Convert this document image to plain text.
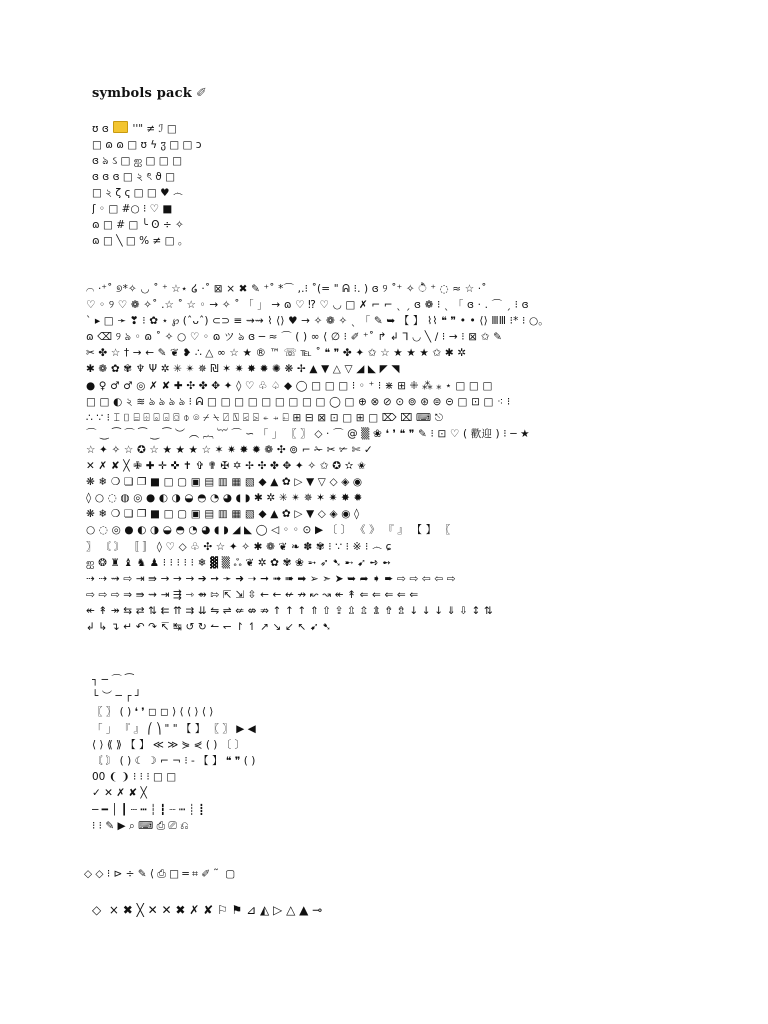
symbols pack ✐
ʊ ɞ  ''" ≠ ℐ □
□ ɷ ɷ □ ʊ ϟ ჳ □ □ ɔ
ɞ ঌ ઽ □ ஐ □ □ □
ɞ ɞ ɞ □ ২ ৎ ϑ □
□ ২ ζ ҁ □ □ ♥ ෴
ʃ ◦ □ #○ ⁝ ♡ ■
ɷ □ # □ ╰ ʘ ÷ ✧
ɷ □ ╲ □ % ≠ □ 。
⌒ ·⁺˚ ୭*✧ ◡ ˚ ⁺ ☆⋆ ໒ ·˚ ⊠ × ✖ ✎ ⁺˚ *⌒ ,.⁝ ˚(= " ᕱ ⁝. ) ɞ ୨ ˚⁺ ✧ ੈ ⁺ ◌ ≈ ☆ ·˚
♡ ◦ ୨ ♡ ❁ ✧˚ .☆ ˚ ☆ ◦ → ✧ ˚ 「 」 → ɷ ♡ ⁉ ♡ ◡ □ ✗ ⌐ ⌐ ˎ ˏ ɞ ❁ ⁝ ˎ 「 ɞ · . ⌒ ˏ ⁝ ɞ
ˋ ▸ □ ➛ ❣ ⁝ ✿ ⋆ ℘ (ˆᴗˆ) ⊂⊃ ≡ ⇝⇝ ⌇ ⟨⟩ ♥ → ✧ ❁ ✧ ˎ 「 ✎ ➥ 【 】 ⌇⌇ ❝ ❞ • • ⟨⟩ ⅢⅢ ⁝* ⁝ ○。
ɷ ⌫ ୨ ঌ ◦ ɷ ˚ ✧ ○ ♡ ◦ ɷ ツ ঌ ɞ ─ ≈ ⌒ ( ) ∞ ⟨ ∅ ⁝ ✐ ⁺˚ ↱ ↲ ⅂ ◡ ╲ ∕ ⁝ → ⁝ ⊠ ✩ ✎
✂ ✤ ☆ † → ← ✎ ❦ ❥ ∴ △ ∞ ☆ ★ ® ™ ☏ ℡ ˚ ❝ ❞ ✤ ✦ ✩ ☆ ★ ★ ★ ✩ ✱ ✲
✱ ❁ ✿ ✾ ♆ Ψ ✲ ✳ ✴ ✵ ₪ ✶ ✷ ✸ ✹ ✺ ❋ ✢ ▲ ▼ △ ▽ ◢ ◣ ◤ ◥
● ♀ ♂ ♂ ◎ ✗ ✘ ✚ ✣ ✤ ✥ ✦ ◊ ♡ ♧ ♤ ◆ ◯ □ □ □ ⁝ ◦ ⁺ ⁝ ⋇ ⊞ ⁜ ⁂ ⁎ ⋆ □ □ □
□ □ ◐ ২ ≋ ঌ ঌ ঌ ঌ ⁝ ᕱ □ □ □ □ □ □ □ □ □ ◯ □ ⊕ ⊗ ⊘ ⊙ ⊚ ⊛ ⊜ ⊝ □ ⊡ □ ⁖ ⁝
∴ ∵ ⁝ ⌶ ⌷ ⌸ ⌹ ⌺ ⌻ ⌼ ⌽ ⌾ ⌿ ⍀ ⍁ ⍂ ⍃ ⍄ ⍅ ⍆ ⍇ ⊞ ⊟ ⊠ ⊡ □ ⊞ □ ⌦ ⌧ ⌨ ⎋
⌒ ‿ ⁀ ⌒ ⁀ ‿ ⁀ ︶ ︵ ︷ ︸ ⌒ ∽ 「 」 〖 〗 ◇ · ⌒ @ ▒ ❀ ❛ ❜ ❝ ❞ ✎ ⁝ ⊡ ♡ ( 歡迎 ) ⁝ ─ ★
☆ ✦ ✧ ☆ ✪ ☆ ★ ★ ★ ☆ ✶ ✷ ✸ ✹ ❁ ✣ ⊚ ⌐ ✁ ✂ ✃ ✄ ✓
✕ ✗ ✘ ╳ ✙ ✚ ✛ ✜ ✝ ✞ ✟ ✠ ✡ ✢ ✣ ✤ ✥ ✦ ✧ ✩ ✪ ✫ ✬
❋ ❄ ❍ ❏ ❐ ■ □ ▢ ▣ ▤ ▥ ▦ ▧ ◆ ▲ ✿ ▷ ▼ ▽ ◇ ◈ ◉
◊ ○ ◌ ◍ ◎ ● ◐ ◑ ◒ ◓ ◔ ◕ ◖ ◗ ✱ ✲ ✳ ✴ ✵ ✶ ✷ ✸ ✹
❋ ❄ ❍ ❏ ❐ ■ □ ▢ ▣ ▤ ▥ ▦ ▧ ◆ ▲ ✿ ▷ ▼ ◇ ◈ ◉ ◊
○ ◌ ◎ ● ◐ ◑ ◒ ◓ ◔ ◕ ◖ ◗ ◢ ◣ ◯ ◁ ◦ ◦ ⊙ ▶ 〔 〕 《 》 『 』 【 】 〖
〗 〘 〙 〚 〛 ◊ ♡ ◇ ♧ ✣ ☆ ✦ ✧ ✱ ❁ ❦ ❧ ✽ ✾ ⁝ ∵ ⁝ ※ ⁝ ෴ ɕ
ஐ ❂ ♜ ♝ ♞ ♟ ⁝ ⁝ ⁝ ⁝ ⁝ ❄ ▓ ▒ ஃ ❦ ✲ ✿ ✾ ❀ ➵ ➶ ➷ ➸ ➹ ➺ ➻
⇢ ⇢ ⇝ ⇨ ⇥ ⇛ → → → ➔ ➙ ➛ ➜ ➝ ➞ ➟ ➠ ➡ ➢ ➣ ➤ ➥ ➦ ➧ ➨ ⇨ ⇨ ⇦ ⇦ ⇨
⇨ ⇨ ⇨ ⇒ ⇛ ⇝ ⇥ ⇶ ⇾ ⇴ ⇰ ⇱ ⇲ ⇳ ← ← ↚ ↛ ↜ ↝ ↞ ↟ ⇐ ⇐ ⇐ ⇐ ⇐
↞ ↟ ↠ ⇆ ⇄ ⇅ ⇇ ⇈ ⇉ ⇊ ⇋ ⇌ ⇍ ⇎ ⇏ ↑ ↑ ↑ ⇑ ⇧ ⇪ ⇫ ⇬ ⇭ ⇮ ⇯ ↓ ↓ ↓ ⇓ ⇩ ↕ ⇅
↲ ↳ ↴ ↵ ↶ ↷ ↸ ↹ ↺ ↻ ↼ ↽ ↾ ↿ ↗ ↘ ↙ ↖ ➹ ➷
┐ ─ ⌒ ⁀
└ ︶ ─ ┌ ┘
〖 〗 ( ) ❛ ❜ ◻ ◻ ⟩ ⟨ ⟨ ⟩ ⟨ ⟩
「 」 『 』 ⎛ ⎞ " " 【 】 〖 〗 ▶ ◀
⟨ ⟩ ⟪ ⟫ 【 】 ≪ ≫ ⋟ ⋞ ( ) 〔 〕
〘 〙 ( ) ☾ ☽ ⌐ ¬ ⁝ - 【 】 ❝ ❞ ( )
00 ❨ ❩ ⁝ ⁝ ⁝ □ □
✓ ✕ ✗ ✘ ╳
─ ━ │ ┃ ┄ ┅ ┆ ┇ ┈ ┉ ┊ ┋
⁝ ⁝ ✎ ▶ ⌕ ⌨ ⎙ ⎚ ⎌
◇ ◇ ⁝ ⊳ ÷ ✎ ⟨ ⎙ □ ═ ⌗ ✐ ˜  ▢
◇  × ✖ ╳ ✕ ✕ ✖ ✗ ✘ ⚐ ⚑ ⊿ ◭ ▷ △ ▲ ⊸
